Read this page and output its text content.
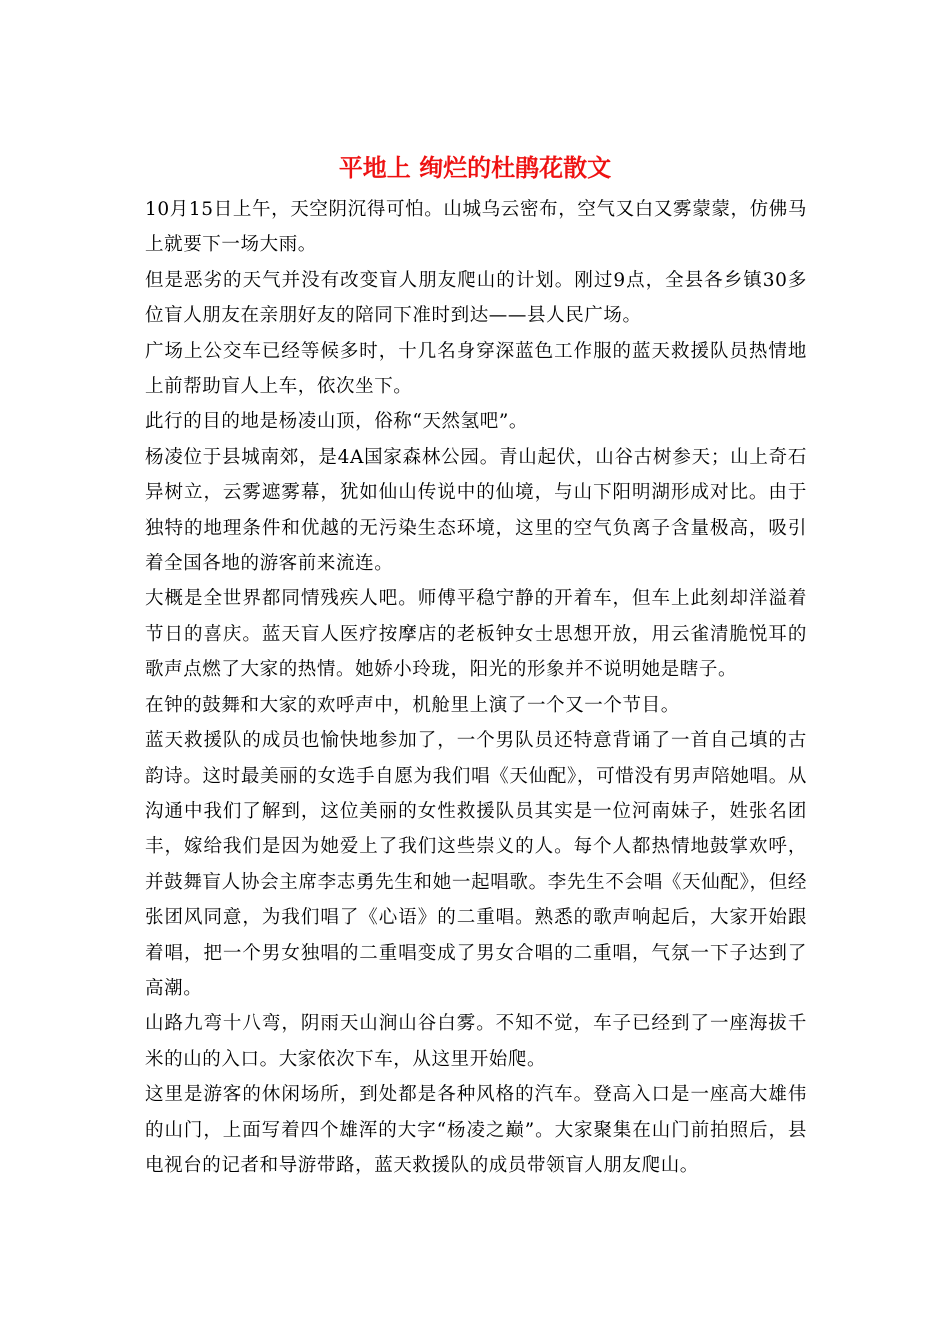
平地上 绚烂的杜鹃花散文

10月15日上午，天空阴沉得可怕。山城乌云密布，空气又白又雾蒙蒙，仿佛马上就要下一场大雨。

但是恶劣的天气并没有改变盲人朋友爬山的计划。刚过9点，全县各乡镇30多位盲人朋友在亲朋好友的陪同下准时到达——县人民广场。

广场上公交车已经等候多时，十几名身穿深蓝色工作服的蓝天救援队员热情地上前帮助盲人上车，依次坐下。

此行的目的地是杨凌山顶，俗称“天然氢吧”。

杨凌位于县城南郊，是4A国家森林公园。青山起伏，山谷古树参天；山上奇石异树立，云雾遮雾幕，犹如仙山传说中的仙境，与山下阳明湖形成对比。由于独特的地理条件和优越的无污染生态环境，这里的空气负离子含量极高，吸引着全国各地的游客前来流连。

大概是全世界都同情残疾人吧。师傅平稳宁静的开着车，但车上此刻却洋溢着节日的喜庆。蓝天盲人医疗按摩店的老板钟女士思想开放，用云雀清脆悦耳的歌声点燃了大家的热情。她娇小玲珑，阳光的形象并不说明她是瞎子。

在钟的鼓舞和大家的欢呼声中，机舱里上演了一个又一个节目。

蓝天救援队的成员也愉快地参加了，一个男队员还特意背诵了一首自己填的古韵诗。这时最美丽的女选手自愿为我们唱《天仙配》，可惜没有男声陪她唱。从沟通中我们了解到，这位美丽的女性救援队员其实是一位河南妹子，姓张名团丰，嫁给我们是因为她爱上了我们这些崇义的人。每个人都热情地鼓掌欢呼，并鼓舞盲人协会主席李志勇先生和她一起唱歌。李先生不会唱《天仙配》，但经张团风同意，为我们唱了《心语》的二重唱。熟悉的歌声响起后，大家开始跟着唱，把一个男女独唱的二重唱变成了男女合唱的二重唱，气氛一下子达到了高潮。

山路九弯十八弯，阴雨天山涧山谷白雾。不知不觉，车子已经到了一座海拔千米的山的入口。大家依次下车，从这里开始爬。

这里是游客的休闲场所，到处都是各种风格的汽车。登高入口是一座高大雄伟的山门，上面写着四个雄浑的大字“杨凌之巅”。大家聚集在山门前拍照后，县电视台的记者和导游带路，蓝天救援队的成员带领盲人朋友爬山。
